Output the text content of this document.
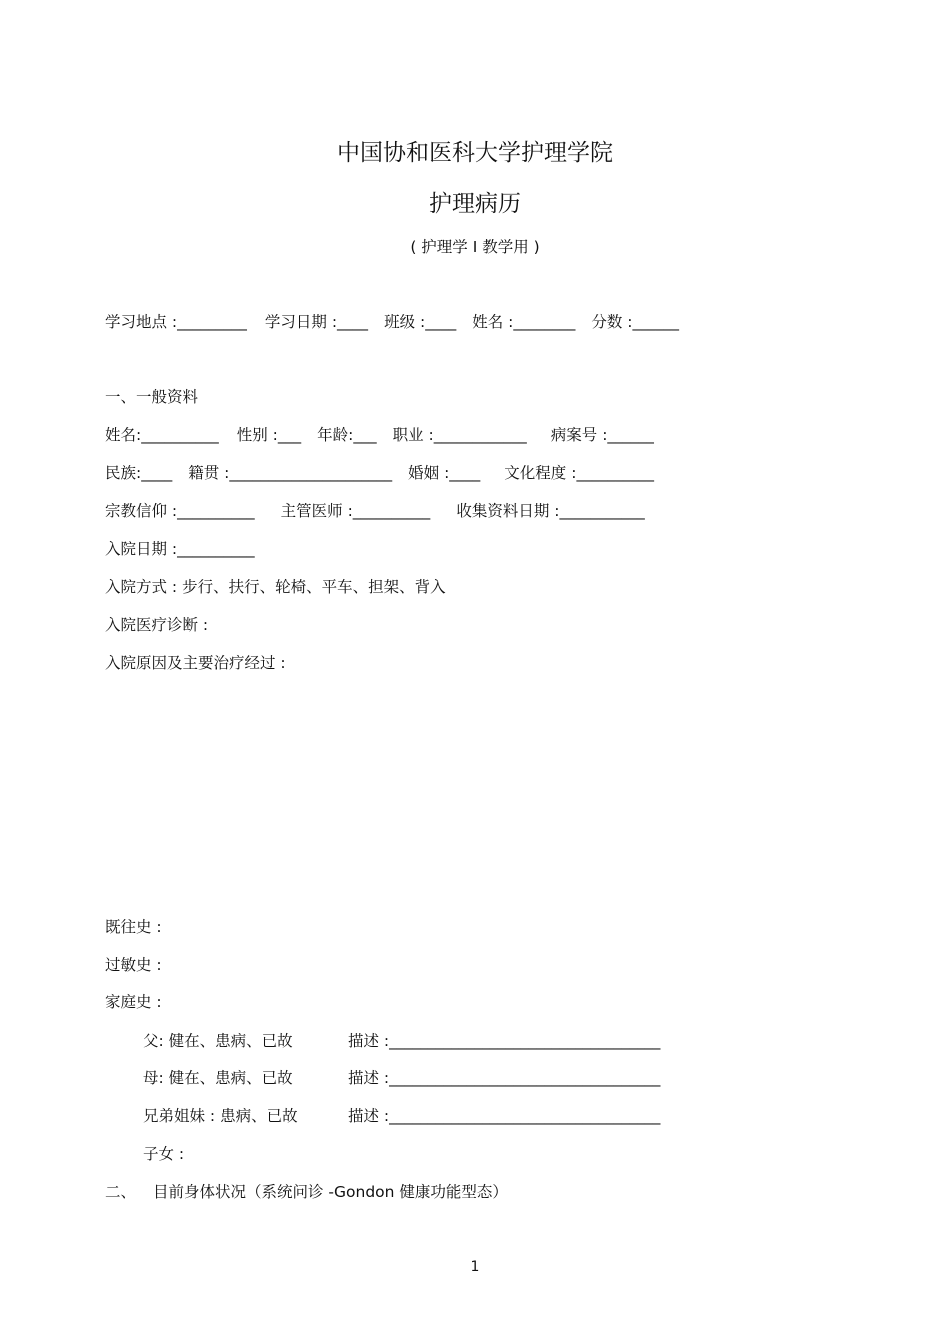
中国协和医科大学护理学院
护理病历
( 护理学 Ⅰ 教学用 )
学习地点 :_________ 学习日期 :____ 班级 :____ 姓名 :________ 分数 :______
一、一般资料
姓名:__________ 性别 :___ 年龄:___ 职业 :____________ 病案号 :______
民族:____ 籍贯 :_____________________ 婚姻 :____ 文化程度 :__________
宗教信仰 :__________ 主管医师 :__________ 收集资料日期 :___________
入院日期 :__________
入院方式 : 步行、扶行、轮椅、平车、担架、背入
入院医疗诊断 :
入院原因及主要治疗经过 :
既往史 :
过敏史 :
家庭史 :
父: 健在、患病、已故	描述 :___________________________________
母: 健在、患病、已故	描述 :___________________________________
兄弟姐妹 : 患病、已故	描述 :___________________________________
子女 :
二、 目前身体状况（系统问诊 -Gondon 健康功能型态）
1
